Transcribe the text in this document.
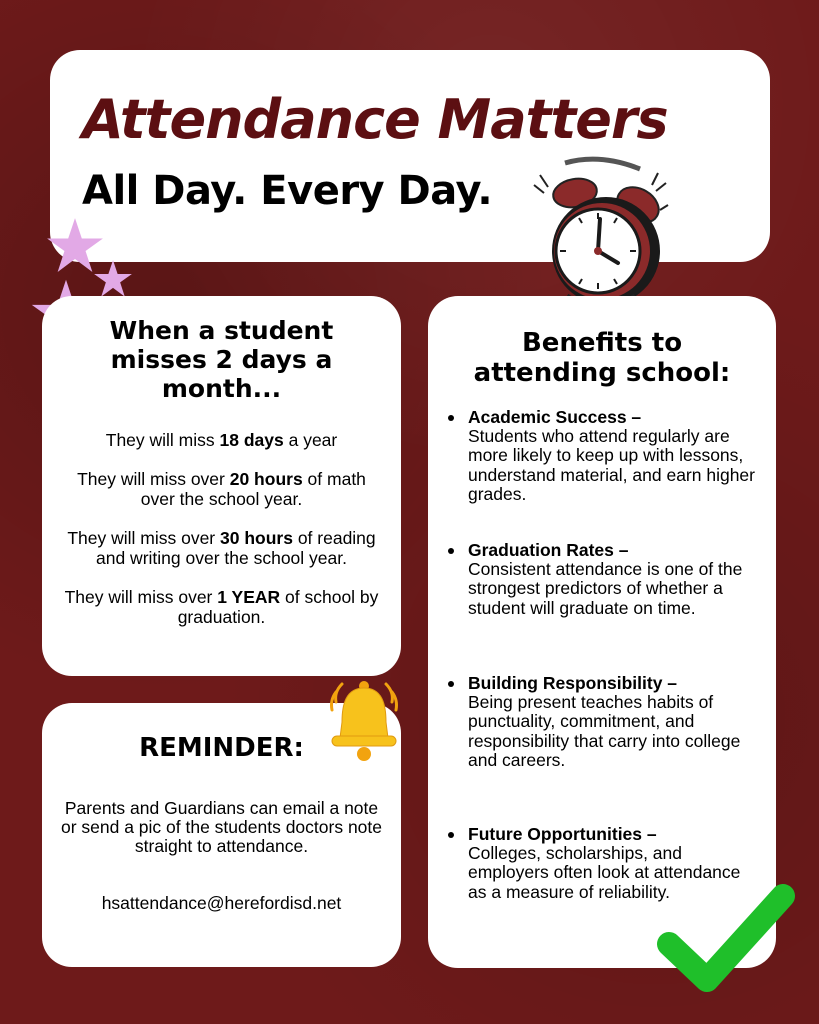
Attendance Matters
All Day. Every Day.
When a student misses 2 days a month...

They will miss 18 days a year

They will miss over 20 hours of math over the school year.

They will miss over 30 hours of reading and writing over the school year.

They will miss over 1 YEAR of school by graduation.

REMINDER:

Parents and Guardians can email a note or send a pic of the students doctors note straight to attendance.

hsattendance@herefordisd.net

Benefits to attending school:
Academic Success –
Students who attend regularly are more likely to keep up with lessons, understand material, and earn higher grades.
Graduation Rates –
Consistent attendance is one of the strongest predictors of whether a student will graduate on time.
Building Responsibility –
Being present teaches habits of punctuality, commitment, and responsibility that carry into college and careers.
Future Opportunities –
Colleges, scholarships, and employers often look at attendance as a measure of reliability.
